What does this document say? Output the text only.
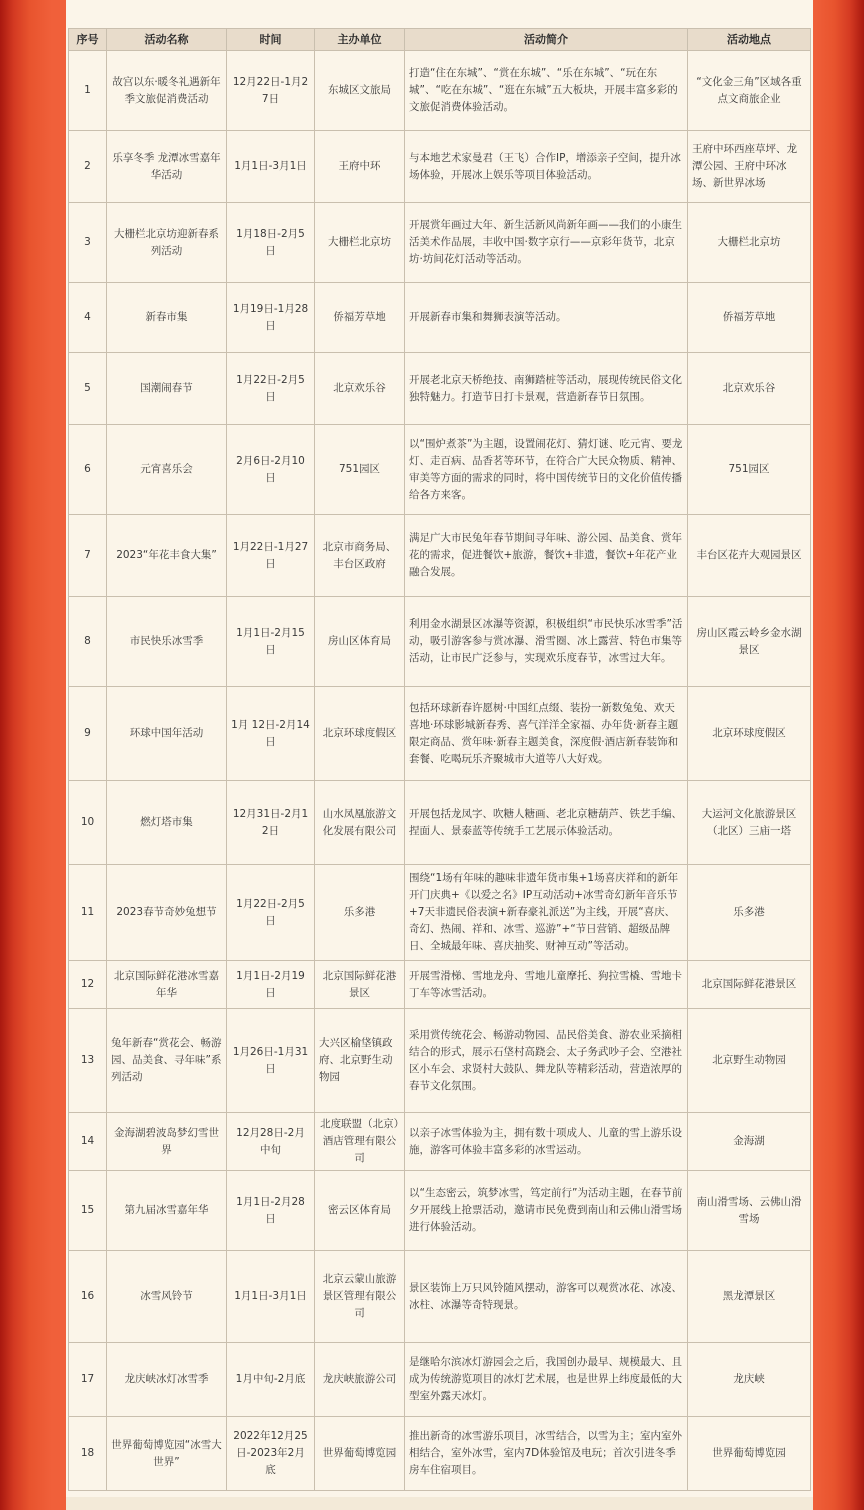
序号	活动名称	时间	主办单位	活动简介	活动地点
1	故宫以东·暖冬礼遇新年季文旅促消费活动	12月22日-1月27日	东城区文旅局	打造“住在东城”、“赏在东城”、“乐在东城”、“玩在东城”、“吃在东城”、“逛在东城”五大板块，开展丰富多彩的文旅促消费体验活动。	“文化金三角”区域各重点文商旅企业
2	乐享冬季 龙潭冰雪嘉年华活动	1月1日-3月1日	王府中环	与本地艺术家曼君（王飞）合作IP，增添亲子空间，提升冰场体验，开展冰上娱乐等项目体验活动。	王府中环西座草坪、龙潭公园、王府中环冰场、新世界冰场
3	大栅栏北京坊迎新春系列活动	1月18日-2月5日	大栅栏北京坊	开展赏年画过大年、新生活新风尚新年画——我们的小康生活美术作品展，丰收中国·数字京行——京彩年货节，北京坊·坊间花灯活动等活动。	大栅栏北京坊
4	新春市集	1月19日-1月28日	侨福芳草地	开展新春市集和舞狮表演等活动。	侨福芳草地
5	国潮闹春节	1月22日-2月5日	北京欢乐谷	开展老北京天桥绝技、南狮踏桩等活动，展现传统民俗文化独特魅力。打造节日打卡景观，营造新春节日氛围。	北京欢乐谷
6	元宵喜乐会	2月6日-2月10日	751园区	以“围炉煮茶”为主题，设置闹花灯、猜灯谜、吃元宵、要龙灯、走百病、品香茗等环节，在符合广大民众物质、精神、审美等方面的需求的同时，将中国传统节日的文化价值传播给各方来客。	751园区
7	2023“年花丰食大集”	1月22日-1月27日	北京市商务局、丰台区政府	满足广大市民兔年春节期间寻年味、游公园、品美食、赏年花的需求，促进餐饮+旅游，餐饮+非遗，餐饮+年花产业融合发展。	丰台区花卉大观园景区
8	市民快乐冰雪季	1月1日-2月15日	房山区体育局	利用金水湖景区冰瀑等资源，积极组织“市民快乐冰雪季”活动，吸引游客参与赏冰瀑、滑雪圈、冰上露营、特色市集等活动，让市民广泛参与，实现欢乐度春节，冰雪过大年。	房山区霞云岭乡金水湖景区
9	环球中国年活动	1月 12日-2月14日	北京环球度假区	包括环球新春许愿树·中国红点缀、装扮一新数兔兔、欢天喜地·环球影城新春秀、喜气洋洋全家福、办年货·新春主题限定商品、赏年味·新春主题美食，深度假·酒店新春装饰和套餐、吃喝玩乐齐聚城市大道等八大好戏。	北京环球度假区
10	燃灯塔市集	12月31日-2月12日	山水凤凰旅游文化发展有限公司	开展包括龙凤字、吹糖人糖画、老北京糖葫芦、铁艺手编、捏面人、景泰蓝等传统手工艺展示体验活动。	大运河文化旅游景区（北区）三庙一塔
11	2023春节奇妙兔想节	1月22日-2月5日	乐多港	围绕“1场有年味的趣味非遗年货市集+1场喜庆祥和的新年开门庆典+《以爱之名》IP互动活动+冰雪奇幻新年音乐节+7天非遗民俗表演+新春豪礼派送”为主线，开展“喜庆、奇幻、热闹、祥和、冰雪、巡游”+“节日营销、超级品牌日、全城最年味、喜庆抽奖、财神互动”等活动。	乐多港
12	北京国际鲜花港冰雪嘉年华	1月1日-2月19日	北京国际鲜花港景区	开展雪滑梯、雪地龙舟、雪地儿童摩托、狗拉雪橇、雪地卡丁车等冰雪活动。	北京国际鲜花港景区
13	兔年新春“赏花会、畅游园、品美食、寻年味”系列活动	1月26日-1月31日	大兴区榆垡镇政府、北京野生动物园	采用赏传统花会、畅游动物园、品民俗美食、游农业采摘相结合的形式，展示石垡村高跷会、太子务武吵子会、空港社区小车会、求贤村大鼓队、舞龙队等精彩活动，营造浓厚的春节文化氛围。	北京野生动物园
14	金海湖碧波岛梦幻雪世界	12月28日-2月中旬	北度联盟（北京）酒店管理有限公司	以亲子冰雪体验为主，拥有数十项成人、儿童的雪上游乐设施，游客可体验丰富多彩的冰雪运动。	金海湖
15	第九届冰雪嘉年华	1月1日-2月28日	密云区体育局	以“生态密云，筑梦冰雪，笃定前行”为活动主题，在春节前夕开展线上抢票活动，邀请市民免费到南山和云佛山滑雪场进行体验活动。	南山滑雪场、云佛山滑雪场
16	冰雪风铃节	1月1日-3月1日	北京云蒙山旅游景区管理有限公司	景区装饰上万只风铃随风摆动，游客可以观赏冰花、冰凌、冰柱、冰瀑等奇特现景。	黑龙潭景区
17	龙庆峡冰灯冰雪季	1月中旬-2月底	龙庆峡旅游公司	是继哈尔滨冰灯游园会之后，我国创办最早、规模最大、且成为传统游览项目的冰灯艺术展，也是世界上纬度最低的大型室外露天冰灯。	龙庆峡
18	世界葡萄博览园“冰雪大世界”	2022年12月25日-2023年2月底	世界葡萄博览园	推出新奇的冰雪游乐项目，冰雪结合，以雪为主；室内室外相结合，室外冰雪，室内7D体验馆及电玩；首次引进冬季房车住宿项目。	世界葡萄博览园
